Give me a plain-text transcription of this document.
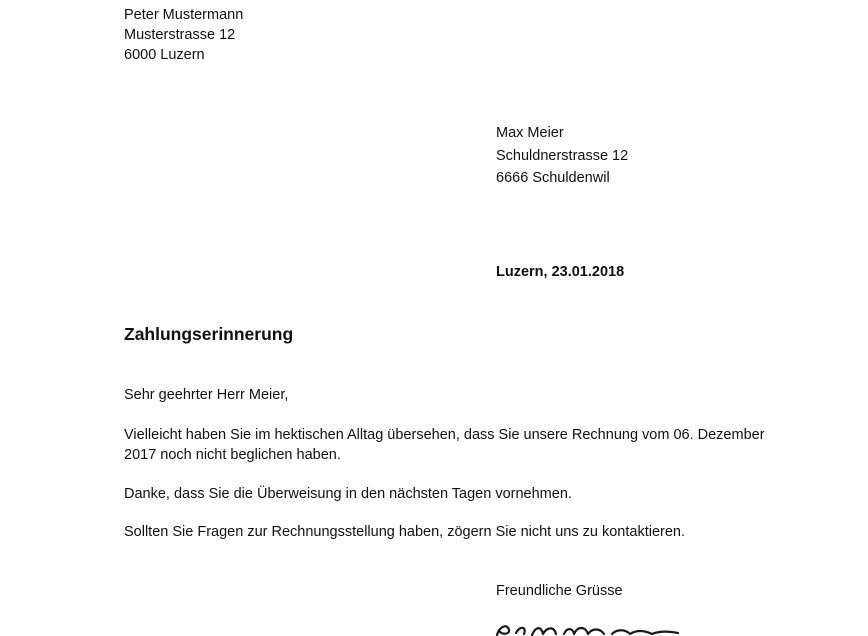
Peter Mustermann
Musterstrasse 12
6000 Luzern
Max Meier
Schuldnerstrasse 12
6666 Schuldenwil
Luzern, 23.01.2018
Zahlungserinnerung
Sehr geehrter Herr Meier,
Vielleicht haben Sie im hektischen Alltag übersehen, dass Sie unsere Rechnung vom 06. Dezember
2017 noch nicht beglichen haben.
Danke, dass Sie die Überweisung in den nächsten Tagen vornehmen.
Sollten Sie Fragen zur Rechnungsstellung haben, zögern Sie nicht uns zu kontaktieren.
Freundliche Grüsse
